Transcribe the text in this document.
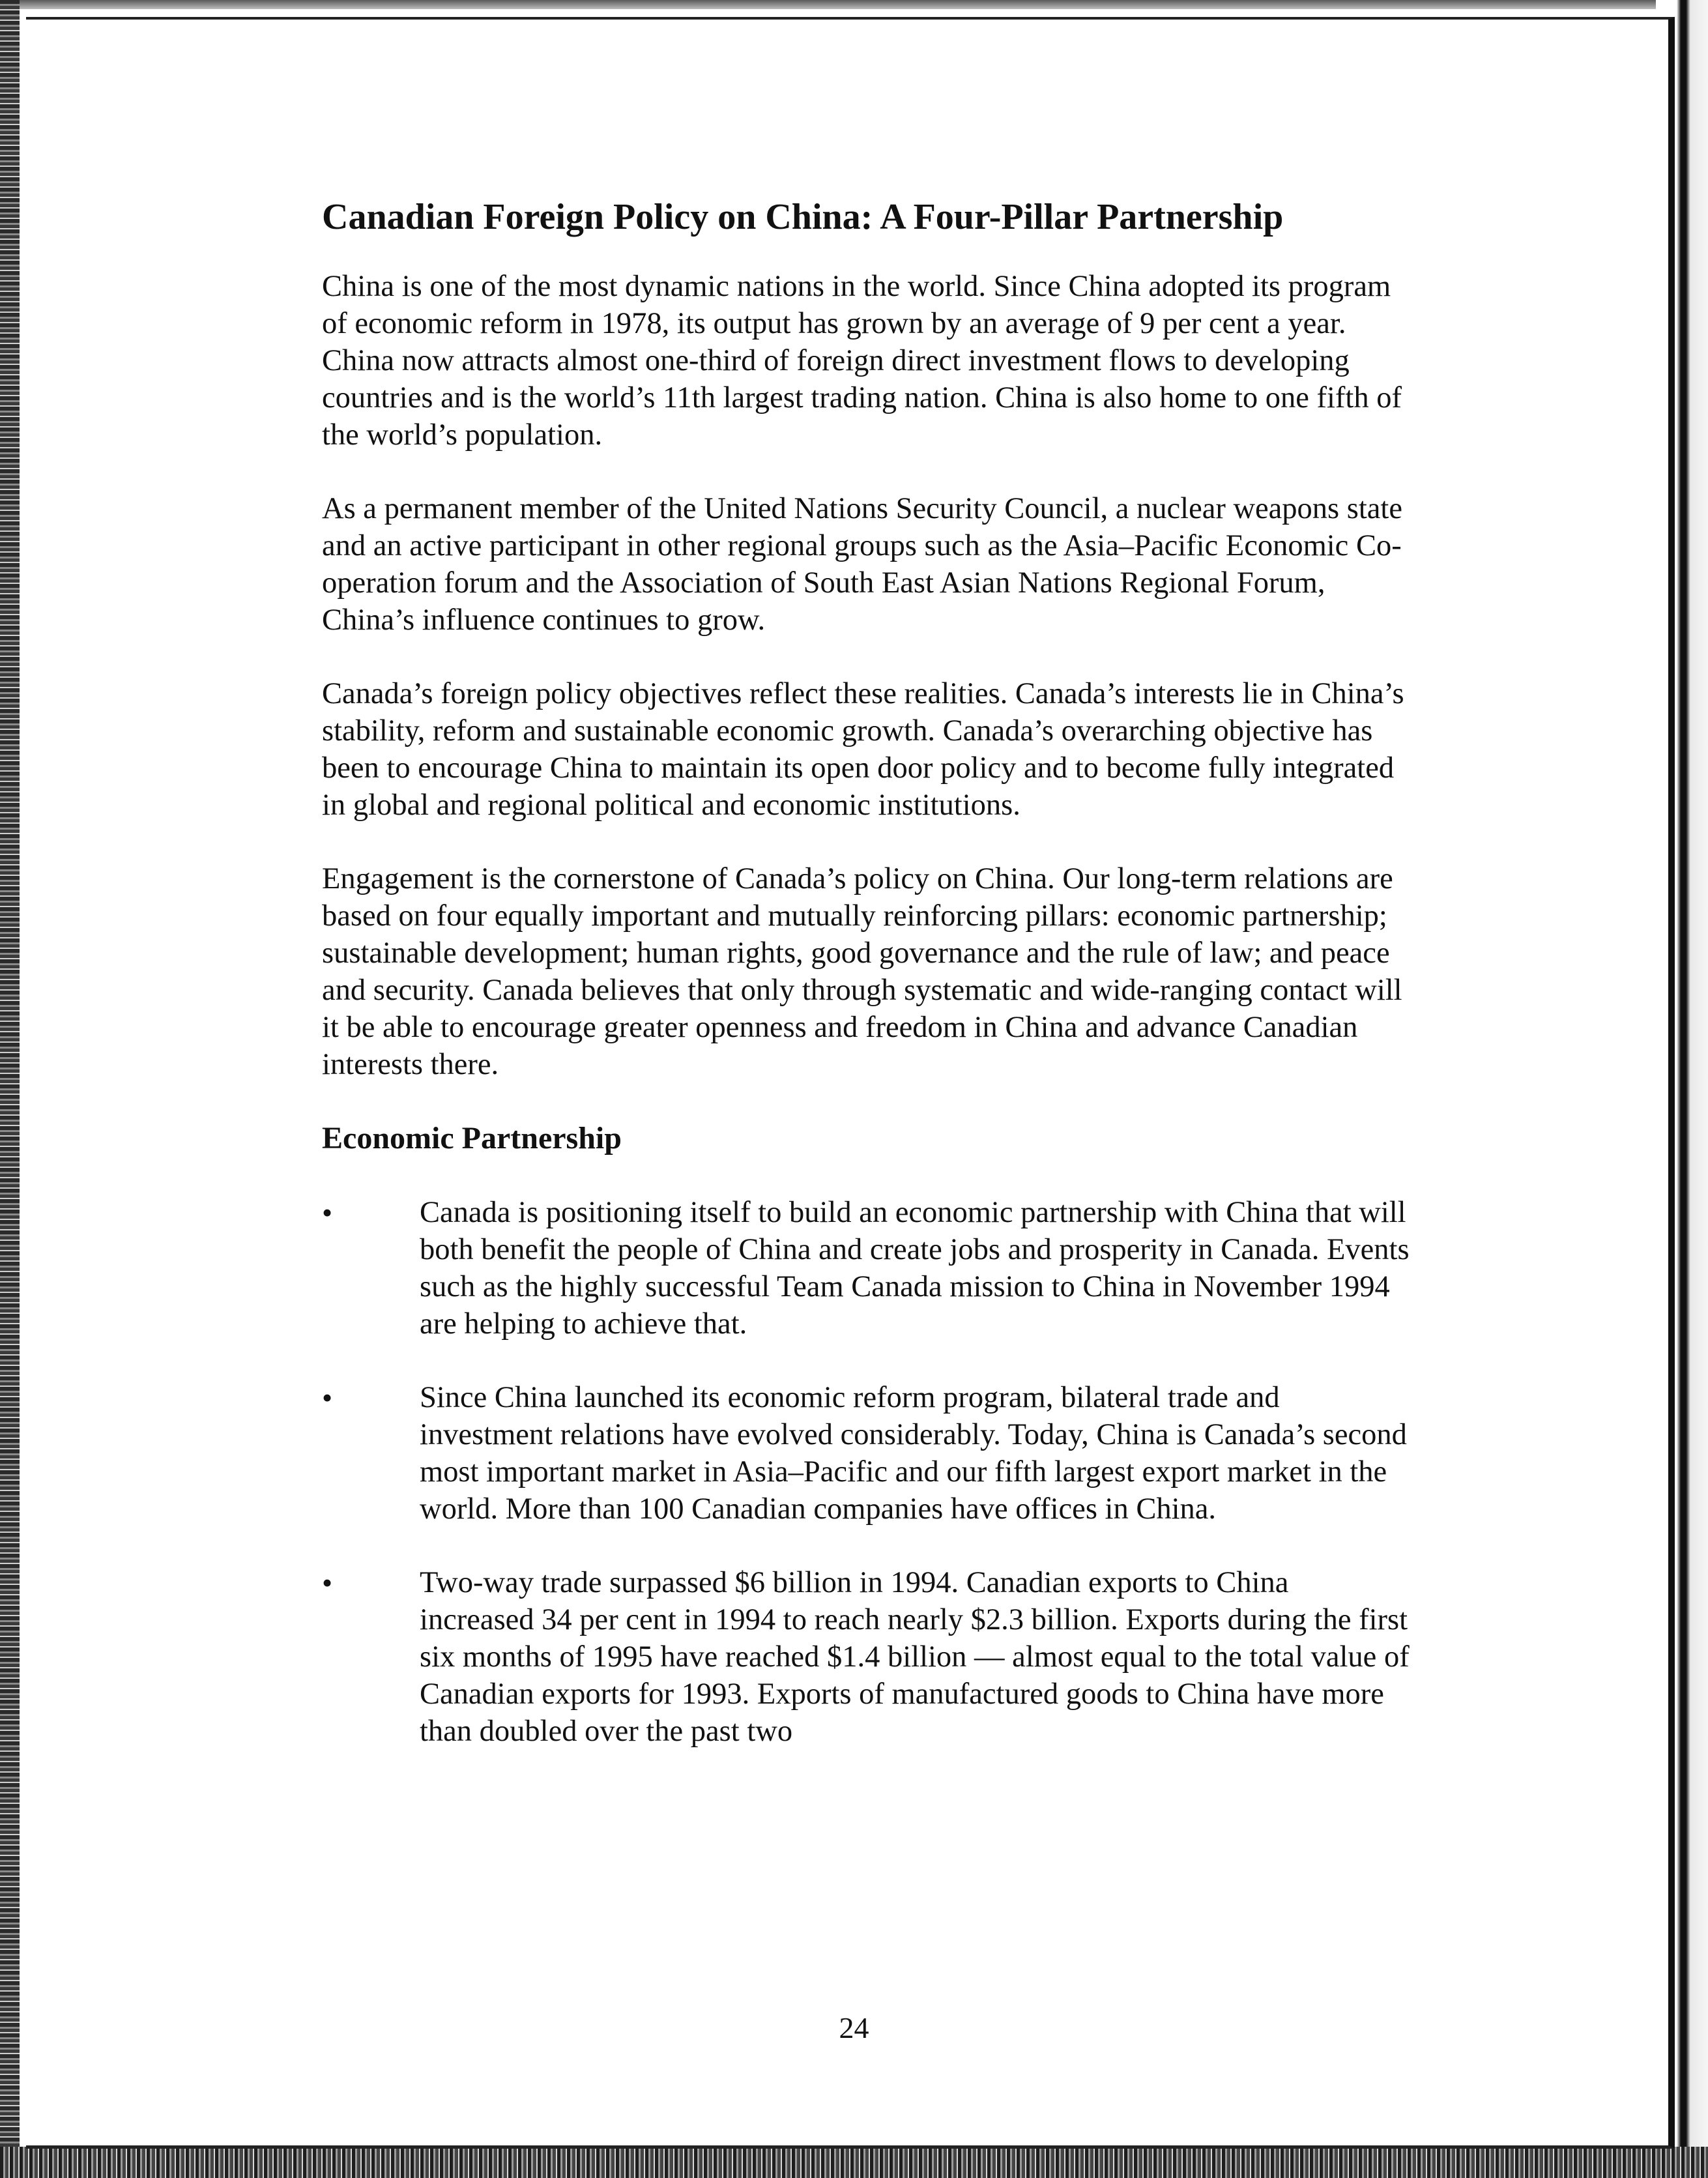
Canadian Foreign Policy on China: A Four-Pillar Partnership

China is one of the most dynamic nations in the world. Since China adopted its program of economic reform in 1978, its output has grown by an average of 9 per cent a year. China now attracts almost one-third of foreign direct investment flows to developing countries and is the world’s 11th largest trading nation. China is also home to one fifth of the world’s population.

As a permanent member of the United Nations Security Council, a nuclear weapons state and an active participant in other regional groups such as the Asia–Pacific Economic Co-operation forum and the Association of South East Asian Nations Regional Forum, China’s influence continues to grow.

Canada’s foreign policy objectives reflect these realities. Canada’s interests lie in China’s stability, reform and sustainable economic growth. Canada’s overarching objective has been to encourage China to maintain its open door policy and to become fully integrated in global and regional political and economic institutions.

Engagement is the cornerstone of Canada’s policy on China. Our long-term relations are based on four equally important and mutually reinforcing pillars: economic partnership; sustainable development; human rights, good governance and the rule of law; and peace and security. Canada believes that only through systematic and wide-ranging contact will it be able to encourage greater openness and freedom in China and advance Canadian interests there.

Economic Partnership
•	Canada is positioning itself to build an economic partnership with China that will both benefit the people of China and create jobs and prosperity in Canada. Events such as the highly successful Team Canada mission to China in November 1994 are helping to achieve that.
•	Since China launched its economic reform program, bilateral trade and investment relations have evolved considerably. Today, China is Canada’s second most important market in Asia–Pacific and our fifth largest export market in the world. More than 100 Canadian companies have offices in China.
•	Two-way trade surpassed $6 billion in 1994. Canadian exports to China increased 34 per cent in 1994 to reach nearly $2.3 billion. Exports during the first six months of 1995 have reached $1.4 billion — almost equal to the total value of Canadian exports for 1993. Exports of manufactured goods to China have more than doubled over the past two
24
